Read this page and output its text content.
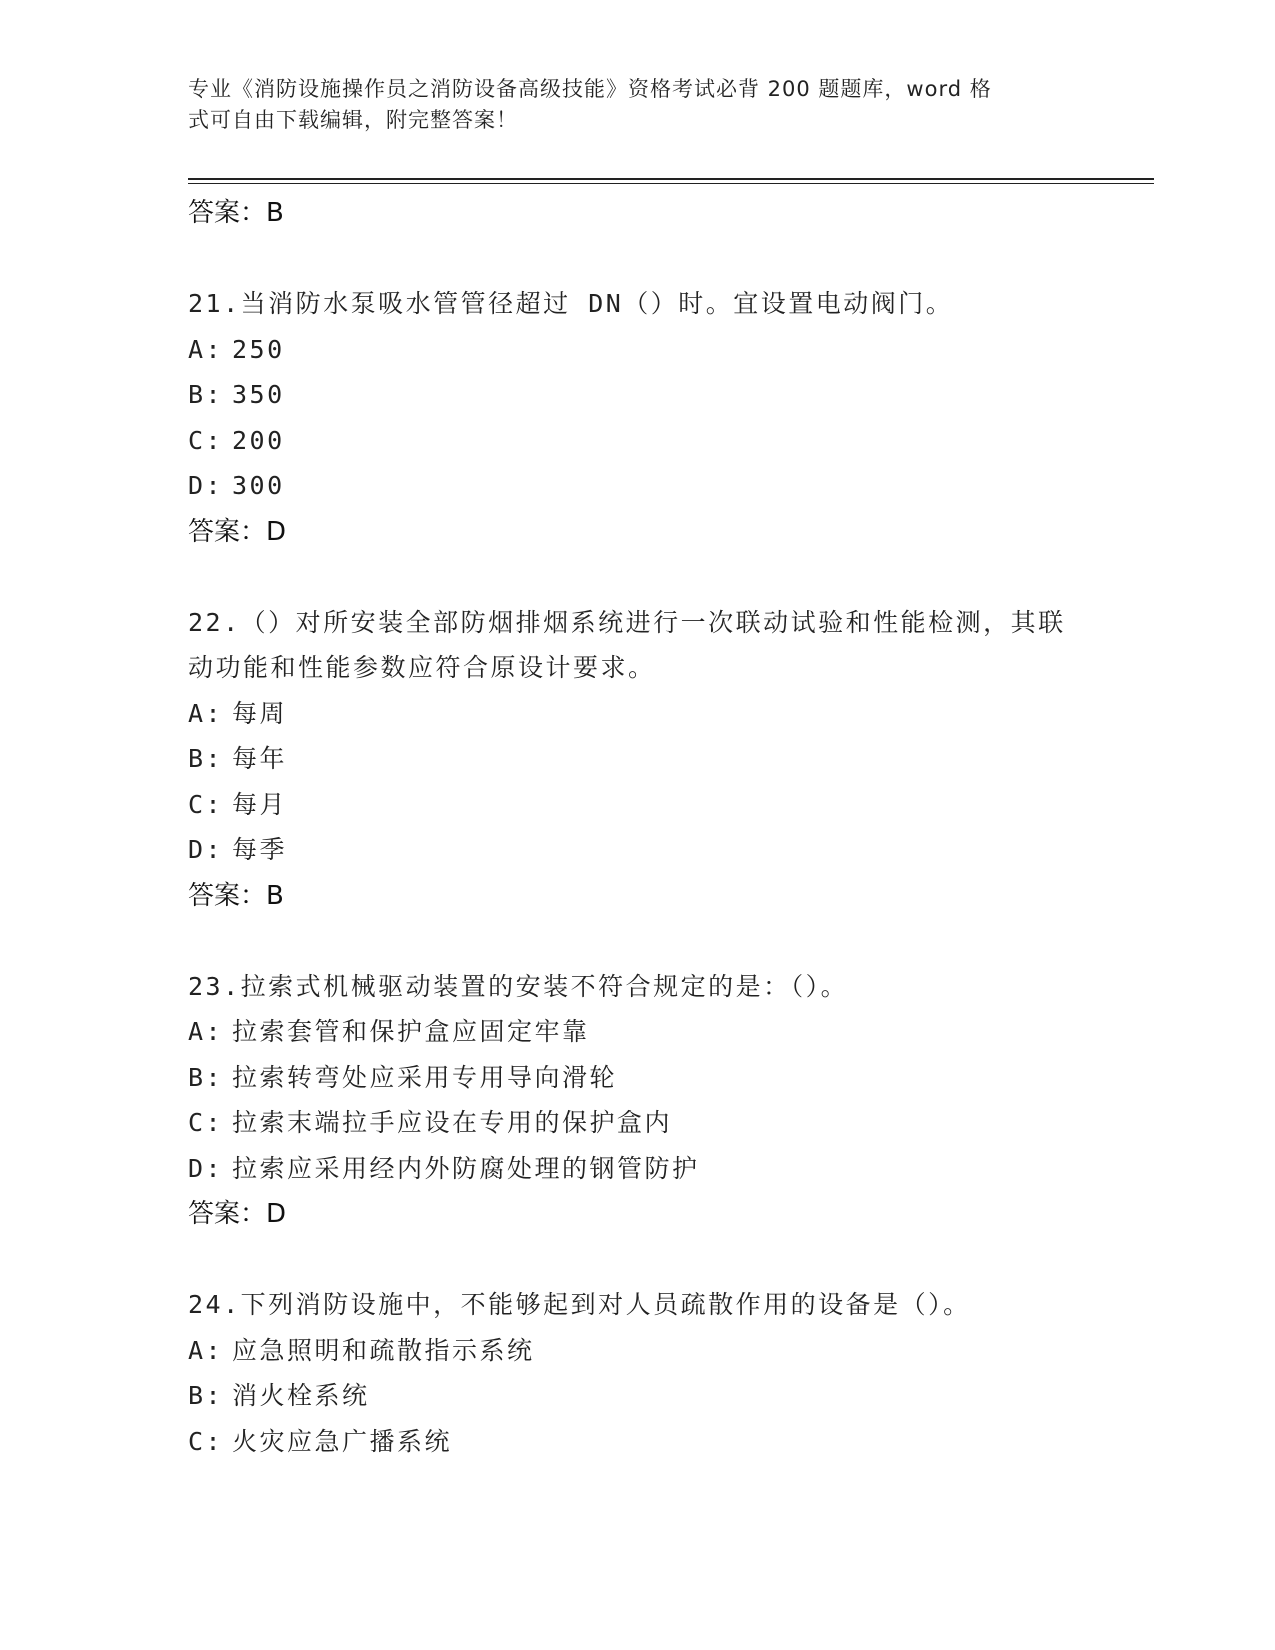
专业《消防设施操作员之消防设备高级技能》资格考试必背 200 题题库，word 格
式可自由下载编辑，附完整答案！
答案：B
21.当消防水泵吸水管管径超过 DN（）时。宜设置电动阀门。
A: 250
B: 350
C: 200
D: 300
答案：D
22.（）对所安装全部防烟排烟系统进行一次联动试验和性能检测，其联动功能和性能参数应符合原设计要求。
A: 每周
B: 每年
C: 每月
D: 每季
答案：B
23.拉索式机械驱动装置的安装不符合规定的是：（）。
A: 拉索套管和保护盒应固定牢靠
B: 拉索转弯处应采用专用导向滑轮
C: 拉索末端拉手应设在专用的保护盒内
D: 拉索应采用经内外防腐处理的钢管防护
答案：D
24.下列消防设施中，不能够起到对人员疏散作用的设备是（）。
A: 应急照明和疏散指示系统
B: 消火栓系统
C: 火灾应急广播系统
